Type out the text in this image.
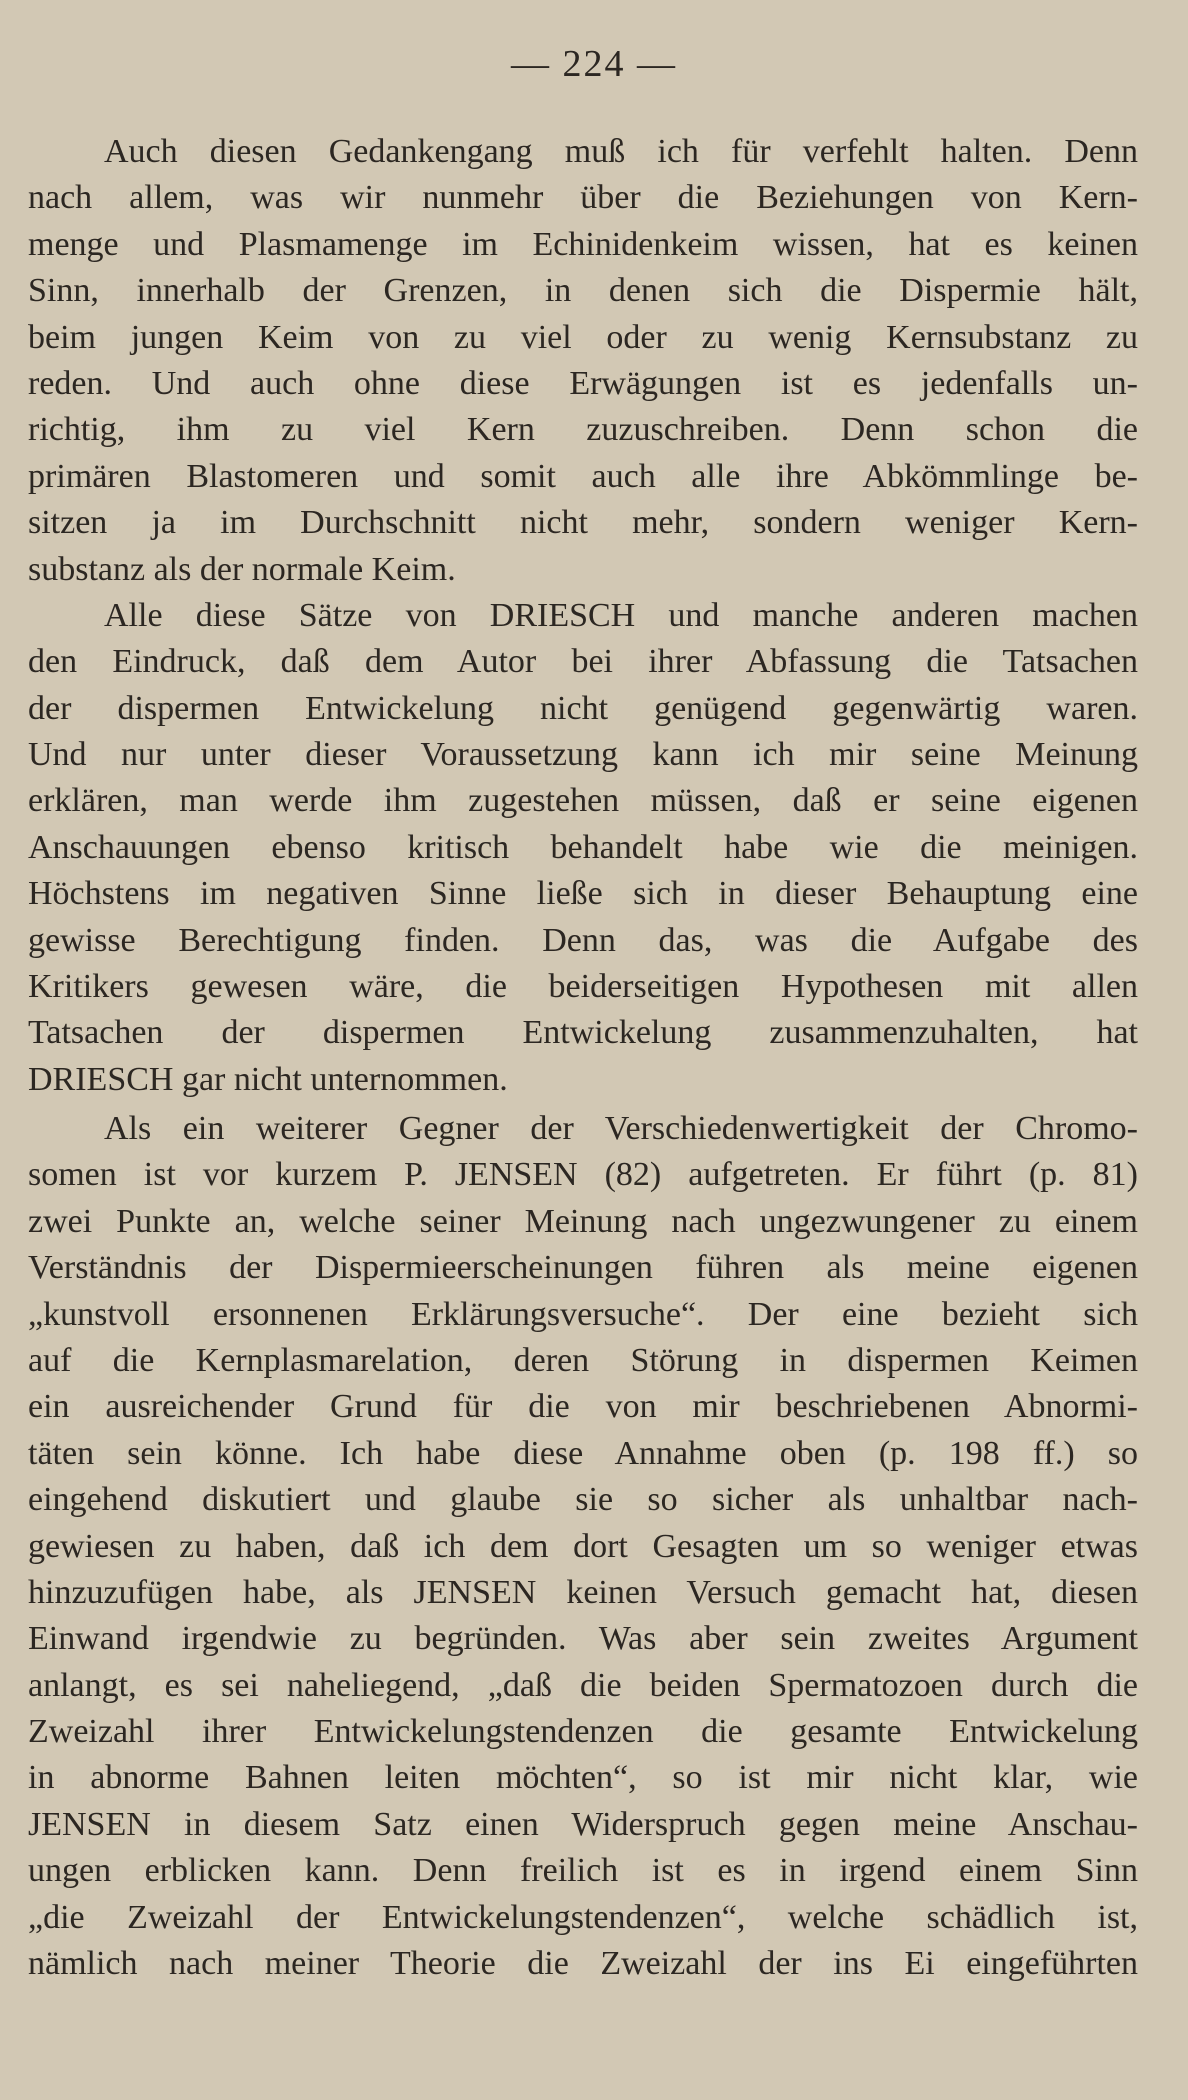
— 224 —
Auch diesen Gedankengang muß ich für verfehlt halten. Denn
nach allem, was wir nunmehr über die Beziehungen von Kern-
menge und Plasmamenge im Echinidenkeim wissen, hat es keinen
Sinn, innerhalb der Grenzen, in denen sich die Dispermie hält,
beim jungen Keim von zu viel oder zu wenig Kernsubstanz zu
reden. Und auch ohne diese Erwägungen ist es jedenfalls un-
richtig, ihm zu viel Kern zuzuschreiben. Denn schon die
primären Blastomeren und somit auch alle ihre Abkömmlinge be-
sitzen ja im Durchschnitt nicht mehr, sondern weniger Kern-
substanz als der normale Keim.
Alle diese Sätze von DRIESCH und manche anderen machen
den Eindruck, daß dem Autor bei ihrer Abfassung die Tatsachen
der dispermen Entwickelung nicht genügend gegenwärtig waren.
Und nur unter dieser Voraussetzung kann ich mir seine Meinung
erklären, man werde ihm zugestehen müssen, daß er seine eigenen
Anschauungen ebenso kritisch behandelt habe wie die meinigen.
Höchstens im negativen Sinne ließe sich in dieser Behauptung eine
gewisse Berechtigung finden. Denn das, was die Aufgabe des
Kritikers gewesen wäre, die beiderseitigen Hypothesen mit allen
Tatsachen der dispermen Entwickelung zusammenzuhalten, hat
DRIESCH gar nicht unternommen.
Als ein weiterer Gegner der Verschiedenwertigkeit der Chromo-
somen ist vor kurzem P. JENSEN (82) aufgetreten. Er führt (p. 81)
zwei Punkte an, welche seiner Meinung nach ungezwungener zu einem
Verständnis der Dispermieerscheinungen führen als meine eigenen
„kunstvoll ersonnenen Erklärungsversuche“. Der eine bezieht sich
auf die Kernplasmarelation, deren Störung in dispermen Keimen
ein ausreichender Grund für die von mir beschriebenen Abnormi-
täten sein könne. Ich habe diese Annahme oben (p. 198 ff.) so
eingehend diskutiert und glaube sie so sicher als unhaltbar nach-
gewiesen zu haben, daß ich dem dort Gesagten um so weniger etwas
hinzuzufügen habe, als JENSEN keinen Versuch gemacht hat, diesen
Einwand irgendwie zu begründen. Was aber sein zweites Argument
anlangt, es sei naheliegend, „daß die beiden Spermatozoen durch die
Zweizahl ihrer Entwickelungstendenzen die gesamte Entwickelung
in abnorme Bahnen leiten möchten“, so ist mir nicht klar, wie
JENSEN in diesem Satz einen Widerspruch gegen meine Anschau-
ungen erblicken kann. Denn freilich ist es in irgend einem Sinn
„die Zweizahl der Entwickelungstendenzen“, welche schädlich ist,
nämlich nach meiner Theorie die Zweizahl der ins Ei eingeführten
